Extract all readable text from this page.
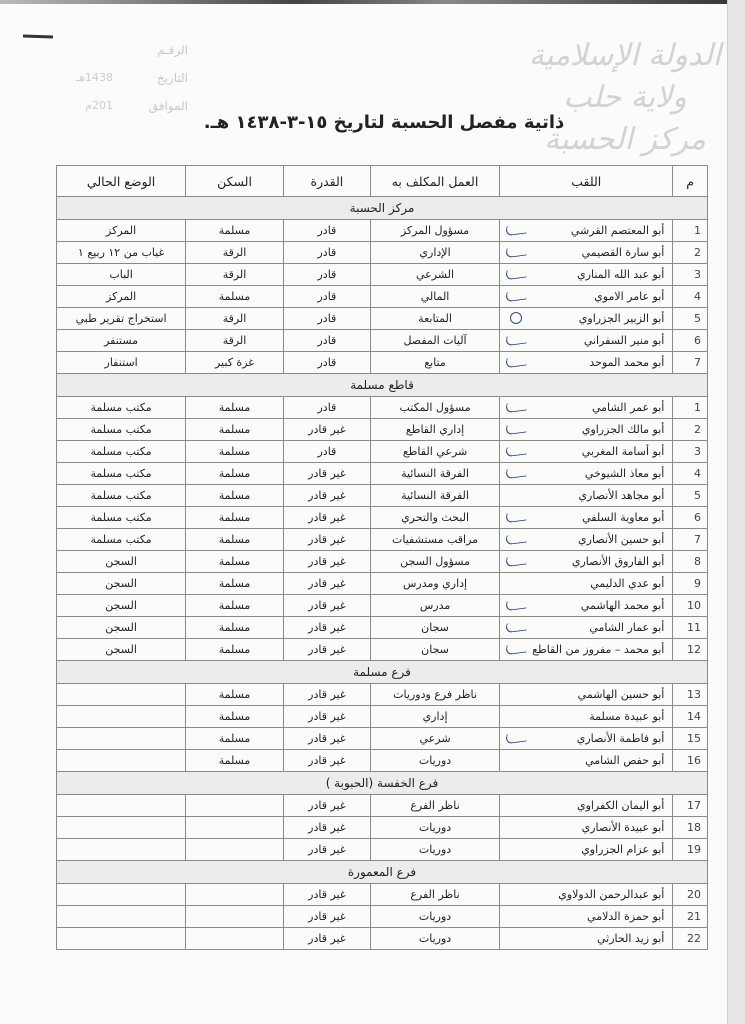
الرقـم
التاريخ
1438هـ
الموافق
201م
الدولة الإسلامية
ولاية حلب
مركز الحسبة
ذاتية مفصل الحسبة لتاريخ ١٥-٣-١٤٣٨ هـ.
م	اللقب	العمل المكلف به	القدرة	السكن	الوضع الحالي
مركز الحسبة					
1	أبو المعتصم القرشي	مسؤول المركز	قادر	مسلمة	المركز
2	أبو سارة القصيمي	الإداري	قادر	الرقة	غياب من ١٢ ربيع ١
3	أبو عبد الله المناري	الشرعي	قادر	الرقة	الباب
4	أبو عامر الاموي	المالي	قادر	مسلمة	المركز
5	أبو الزبير الجزراوي	المتابعة	قادر	الرقة	استخراج تقرير طبي
6	أبو منير السفراني	آليات المفصل	قادر	الرقة	مستنفر
7	أبو محمد الموحد	متابع	قادر	غزة كبير	استنفار
قاطع مسلمة					
1	أبو عمر الشامي	مسؤول المكتب	قادر	مسلمة	مكتب مسلمة
2	أبو مالك الجزراوي	إداري القاطع	غير قادر	مسلمة	مكتب مسلمة
3	أبو أسامة المغربي	شرعي القاطع	قادر	مسلمة	مكتب مسلمة
4	أبو معاذ الشيوخي	الفرقة النسائية	غير قادر	مسلمة	مكتب مسلمة
5	أبو مجاهد الأنصاري	الفرقة النسائية	غير قادر	مسلمة	مكتب مسلمة
6	أبو معاوية السلفي	البحث والتحري	غير قادر	مسلمة	مكتب مسلمة
7	أبو حسين الأنصاري	مراقب مستشفيات	غير قادر	مسلمة	مكتب مسلمة
8	أبو الفاروق الأنصاري	مسؤول السجن	غير قادر	مسلمة	السجن
9	أبو عدي الدليمي	إداري ومدرس	غير قادر	مسلمة	السجن
10	أبو محمد الهاشمي	مدرس	غير قادر	مسلمة	السجن
11	أبو عمار الشامي	سجان	غير قادر	مسلمة	السجن
12	أبو محمد – مفروز من القاطع	سجان	غير قادر	مسلمة	السجن
فرع مسلمة					
13	أبو حسين الهاشمي	ناظر فرع ودوريات	غير قادر	مسلمة	
14	أبو عبيدة مسلمة	إداري	غير قادر	مسلمة	
15	أبو فاطمة الأنصاري	شرعي	غير قادر	مسلمة	
16	أبو حفص الشامي	دوريات	غير قادر	مسلمة	
فرع الخفسة (الحبوبة )					
17	أبو اليمان الكفراوي	ناظر الفرع	غير قادر		
18	أبو عبيدة الأنصاري	دوريات	غير قادر		
19	أبو عزام الجزراوي	دوريات	غير قادر		
فرع المعمورة					
20	أبو عبدالرحمن الدولاوي	ناظر الفرع	غير قادر		
21	أبو حمزة الدلامي	دوريات	غير قادر		
22	أبو زيد الحارثي	دوريات	غير قادر		
